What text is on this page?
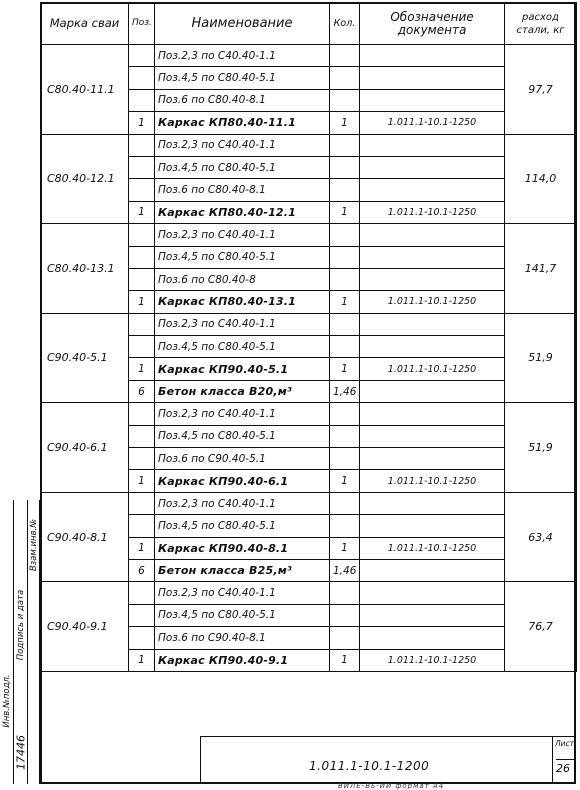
Марка сваи	Поз.	Наименование	Кол.	Обозначение документа	расход стали, кг
С80.40-11.1		Поз.2,3 по С40.40-1.1			97,7
		Поз.4,5 по С80.40-5.1			
		Поз.6 по С80.40-8.1			
	1	Каркас КП80.40-11.1	1	1.011.1-10.1-1250	
С80.40-12.1		Поз.2,3 по С40.40-1.1			114,0
		Поз.4,5 по С80.40-5.1			
		Поз.6 по С80.40-8.1			
	1	Каркас КП80.40-12.1	1	1.011.1-10.1-1250	
С80.40-13.1		Поз.2,3 по С40.40-1.1			141,7
		Поз.4,5 по С80.40-5.1			
		Поз.6 по С80.40-8			
	1	Каркас КП80.40-13.1	1	1.011.1-10.1-1250	
С90.40-5.1		Поз.2,3 по С40.40-1.1			51,9
		Поз.4,5 по С80.40-5.1			
	1	Каркас КП90.40-5.1	1	1.011.1-10.1-1250	
	6	Бетон класса В20,м³	1,46		
С90.40-6.1		Поз.2,3 по С40.40-1.1			51,9
		Поз.4,5 по С80.40-5.1			
		Поз.6 по С90.40-5.1			
	1	Каркас КП90.40-6.1	1	1.011.1-10.1-1250	
С90.40-8.1		Поз.2,3 по С40.40-1.1			63,4
		Поз.4,5 по С80.40-5.1			
	1	Каркас КП90.40-8.1	1	1.011.1-10.1-1250	
	6	Бетон класса В25,м³	1,46		
С90.40-9.1		Поз.2,3 по С40.40-1.1			76,7
		Поз.4,5 по С80.40-5.1			
		Поз.6 по С90.40-8.1			
	1	Каркас КП90.40-9.1	1	1.011.1-10.1-1250	
Инв.№подл.
Подпись и дата
Взам.инв.№
17446	1.011.1-10.1-1200
Лист
26
ВИЛЕ-Вь-ИИ формат А4
